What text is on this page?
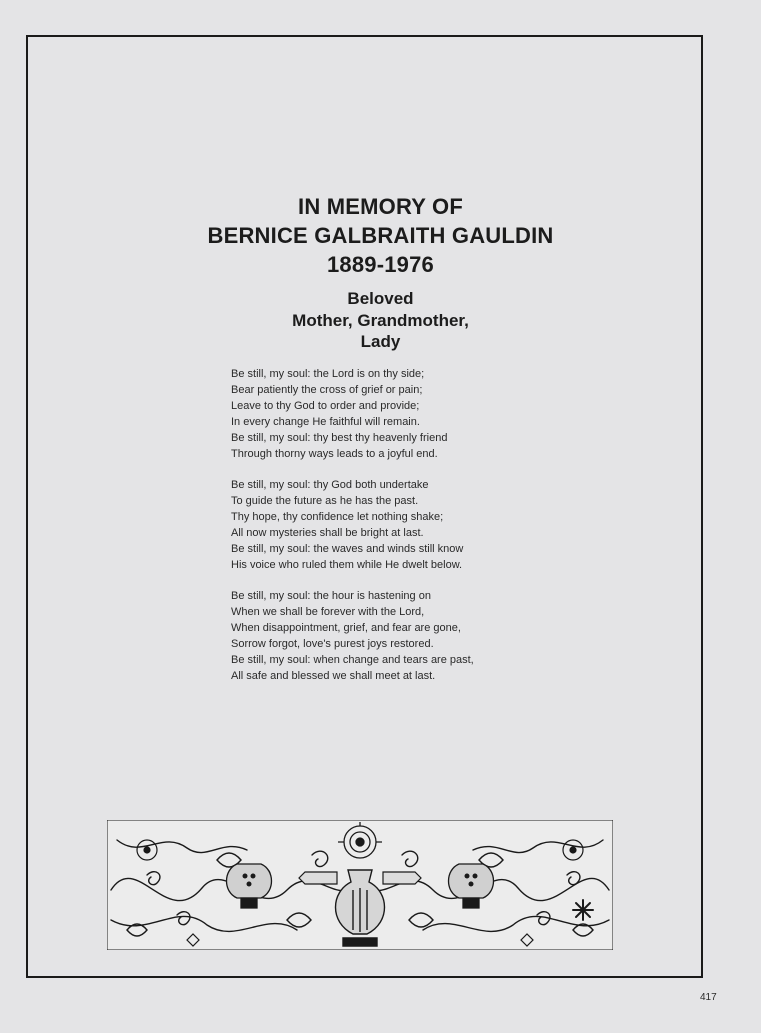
IN MEMORY OF
BERNICE GALBRAITH GAULDIN
1889-1976
Beloved
Mother, Grandmother,
Lady
Be still, my soul: the Lord is on thy side;
Bear patiently the cross of grief or pain;
Leave to thy God to order and provide;
In every change He faithful will remain.
Be still, my soul: thy best thy heavenly friend
Through thorny ways leads to a joyful end.
Be still, my soul: thy God both undertake
To guide the future as he has the past.
Thy hope, thy confidence let nothing shake;
All now mysteries shall be bright at last.
Be still, my soul: the waves and winds still know
His voice who ruled them while He dwelt below.
Be still, my soul: the hour is hastening on
When we shall be forever with the Lord,
When disappointment, grief, and fear are gone,
Sorrow forgot, love's purest joys restored.
Be still, my soul: when change and tears are past,
All safe and blessed we shall meet at last.
417
